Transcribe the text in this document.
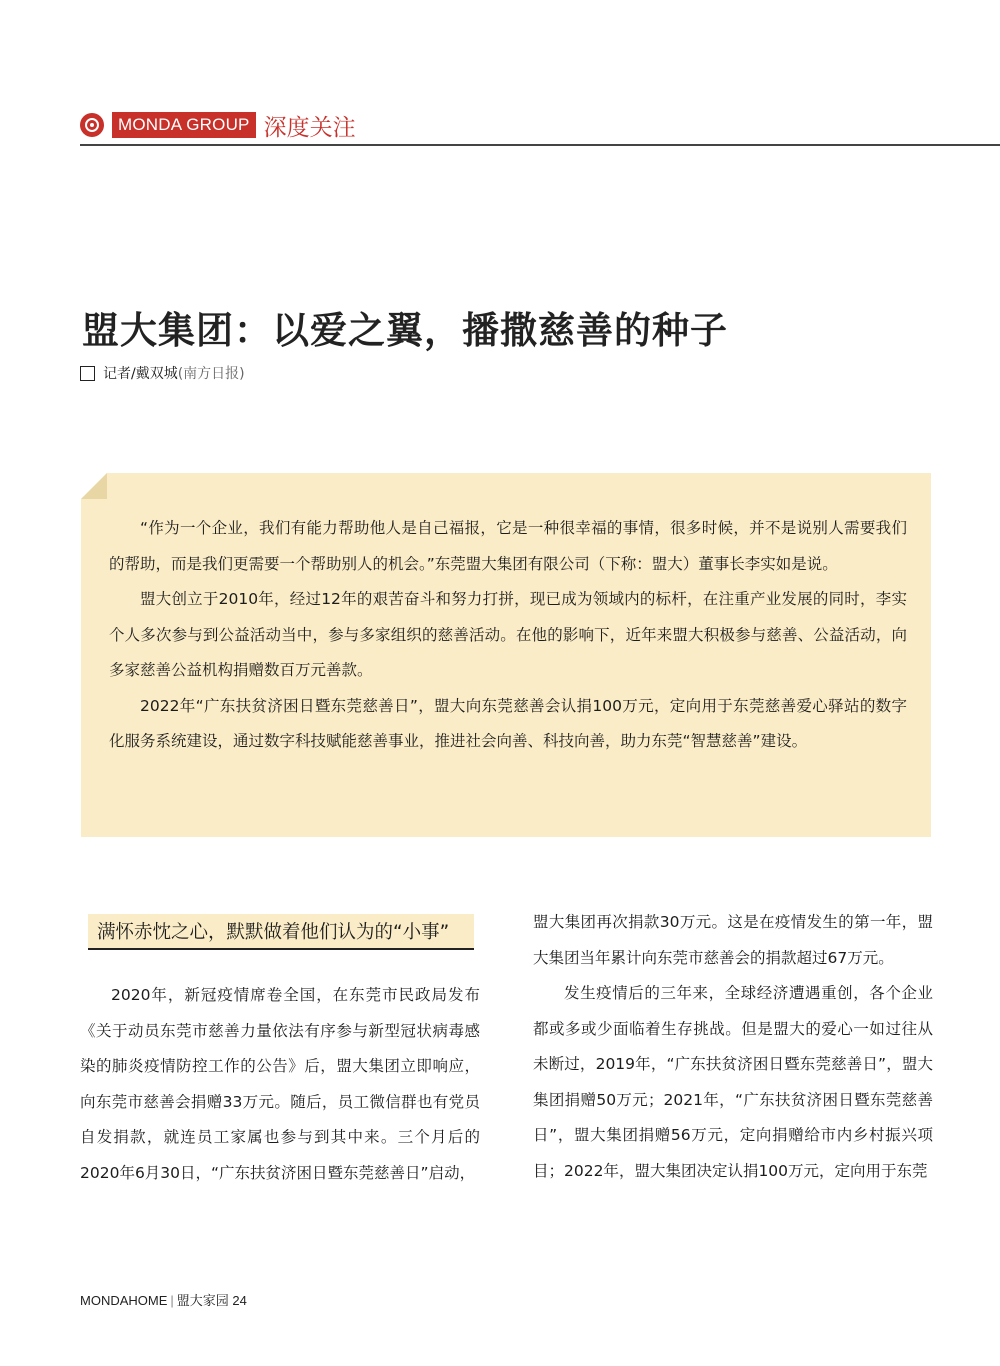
MONDA GROUP 深度关注
盟大集团：以爱之翼，播撒慈善的种子
记者/戴双城 (南方日报)

“作为一个企业，我们有能力帮助他人是自己福报，它是一种很幸福的事情，很多时候，并不是说别人需要我们的帮助，而是我们更需要一个帮助别人的机会。”东莞盟大集团有限公司（下称：盟大）董事长李实如是说。

盟大创立于2010年，经过12年的艰苦奋斗和努力打拼，现已成为领域内的标杆，在注重产业发展的同时，李实个人多次参与到公益活动当中，参与多家组织的慈善活动。在他的影响下，近年来盟大积极参与慈善、公益活动，向多家慈善公益机构捐赠数百万元善款。

2022年“广东扶贫济困日暨东莞慈善日”，盟大向东莞慈善会认捐100万元，定向用于东莞慈善爱心驿站的数字化服务系统建设，通过数字科技赋能慈善事业，推进社会向善、科技向善，助力东莞“智慧慈善”建设。

满怀赤忱之心，默默做着他们认为的“小事”

2020年，新冠疫情席卷全国，在东莞市民政局发布《关于动员东莞市慈善力量依法有序参与新型冠状病毒感染的肺炎疫情防控工作的公告》后，盟大集团立即响应，向东莞市慈善会捐赠33万元。随后，员工微信群也有党员自发捐款，就连员工家属也参与到其中来。三个月后的2020年6月30日，“广东扶贫济困日暨东莞慈善日”启动，

盟大集团再次捐款30万元。这是在疫情发生的第一年，盟大集团当年累计向东莞市慈善会的捐款超过67万元。

发生疫情后的三年来，全球经济遭遇重创，各个企业都或多或少面临着生存挑战。但是盟大的爱心一如过往从未断过，2019年，“广东扶贫济困日暨东莞慈善日”，盟大集团捐赠50万元；2021年，“广东扶贫济困日暨东莞慈善日”，盟大集团捐赠56万元，定向捐赠给市内乡村振兴项目；2022年，盟大集团决定认捐100万元，定向用于东莞

MONDAHOME | 盟大家园 24
